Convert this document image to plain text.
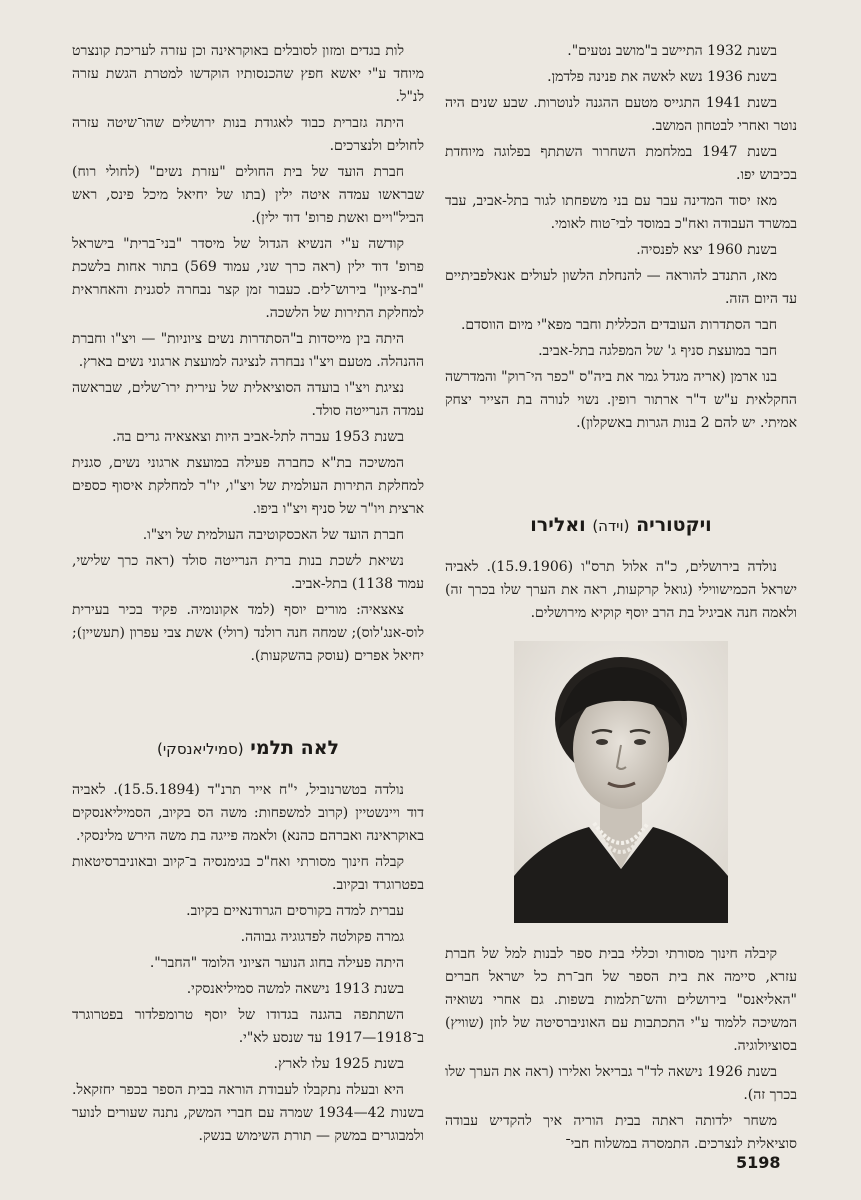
בשנת 1932 התיישב ב"מושב נטעים".

בשנת 1936 נשא לאשה את פנינה פלדמן.

בשנת 1941 התגייס מטעם ההגנה לנוטרות. שבע שנים היה נוטר ואחרי לבטחון המושב.

בשנת 1947 במלחמת השחרור השתתף בפלוגה מיוחדת בכיבוש יפו.

מאז יסוד המדינה עבר עם בני משפחתו לגור בתל-אביב, עבד במשרד העבודה ואח"כ במוסד לבי־טוח לאומי.

בשנת 1960 יצא לפנסיה.

מאז, התנדב להוראה — להנחלת הלשון לעולים אנאלפביתיים עד היום הזה.

חבר הסתדרות העובדים הכללית וחבר מפא"י מיום הווסדם.

חבר במועצת סניף ג' של המפלגה בתל-אביב.

בנו ארמן (אריה מגדל גמר את ביה"ס "כפר הי־רוק" והמדרשה החקלאית ע"ש ד"ר ארתור רופין. נשוי לנורה בת הצייר יצחק אמיתי. יש להם 2 בנות הגרות באשקלון).

ויקטוריה (וידה) ואלירו

נולדה בירושלים, כ"ה אלול תרס"ו (15.9.1906). לאביה ישראל הכמישווילי (גואל קרקעות, ראה את הערך שלו בכרך זה) ולאמה חנה אביגיל בת הרב יוסף קוקיא מירושלים.

קיבלה חינוך מסורתי וכללי בבית ספר לבנות למל של חברת עזרא, סיימה את בית הספר של חב־רת כל ישראל חברים "האליאנס" בירושלים והש־תלמות בשפות. גם אחרי נשואיה המשיכה ללמוד ע"י התכתבות עם האוניברסיטה של לוזן (שוויץ) בסוציולוגיה.

בשנת 1926 נישאה לד"ר גבריאל ואלירו (ראה את הערך שלו בכרך זה).

משחר ילדותה ראתה בבית הוריה איך להקדיש עבודה סוציאלית לנצרכים. התמסרה במשלוח חבי־

לות בגדים ומזון לסובלים באוקראינה וכן עזרה לעריכת קונצרט מיוחד ע"י יאשא חפץ שהכנסותיו הוקדשו למטרת הגשת עזרה לנ"ל.

היתה גזברית כבוד לאגודת בנות ירושלים שהו־שיטה עזרה לחולים ולנצרכים.

חברת הועד של בית החולים "עזרת נשים" (לחולי רוח) שבראשו עמדה איטה ילין (בתו של יחיאל מיכל פינס, ראש הביל"ויים ואשת פרופ' דוד ילין).

קודשה ע"י הנשיא הגדול של מיסדר "בני־ברית" בישראל פרופ' דוד ילין (ראה כרך שני, עמוד 569) בתור אחות בלשכת "בת-ציון" בירוש־לים. כעבור זמן קצר נבחרה לסגנית והאחראית למחלקת התירות של הלשכה.

היתה בין מייסדות ב"הסתדרות נשים ציוניות" — ויצ"ו וחברת ההנהלה. מטעם ויצ"ו נבחרה לנציגה למועצת ארגוני נשים בארץ.

נציגת ויצ"ו בועדה הסוציאלית של עירית ירו־שלים, שבראשה עמדה הנרייטה סולד.

בשנת 1953 עברה לתל-אביב היות וצאצאיה גרים בה.

המשיכה בת"א כחברה פעילה במועצת ארגוני נשים, סגנית למחלקת התירות העולמית של ויצ"ו, יו"ר למחלקת איסוף כספים ארצית ויו"ר של סניף ויצ"ו ביפו.

חברת הועד של האכסקוטיבה העולמית של ויצ"ו.

נשיאת לשכת בנות ברית הנרייטה סולד (ראה כרך שלישי, עמוד 1138) בתל-אביב.

צאצאיה: מורים יוסף (למד אקונומיה. פקיד בכיר בעירית לוס-אנג'לוס); שמחה חנה רולנד (רולי) אשת צבי עפרון (תעשיין); יחיאל אפרים (עוסק בהשקעות).

לאה תלמי (סמיליאנסקי)

נולדה בטשרנוביל, י"ח אייר תרנ"ד (15.5.1894). לאביה דוד ויינשטיין (קרוב למשפחות: משה הס בקיוב, הסמיליאנסקים באוקראינה ואברהם כהנא) ולאמה פייגה בת משה הירש מלינסקי.

קבלה חינוך מסורתי ואח"כ בגימנסיה ב־קיוב ובאוניברסיטאות בפטרוגרד ובקיוב.

עברית למדה בקורסים הגרודנאיים בקיוב.

גמרה פקולטה לפדגוגיה גבוהה.

היתה פעילה בחוג הנוער הציוני הלומד "החבר".

בשנת 1913 נישאה למשה סמיליאנסקי.

השתתפה בהגנה בגדודו של יוסף טרומפלדור בפטרוגרד ב־1918—1917 עד שנסע לא"י.

בשנת 1925 עלו לארץ.

היא ובעלה נתקבלו לעבודת הוראה בבית הספר בכפר יחזקאל. בשנות 42—1934 שמרה עם חברי המשק, נתנה שעורים לנוער ולמבוגרים במשק — תורת השימוש בנשק.

5198
